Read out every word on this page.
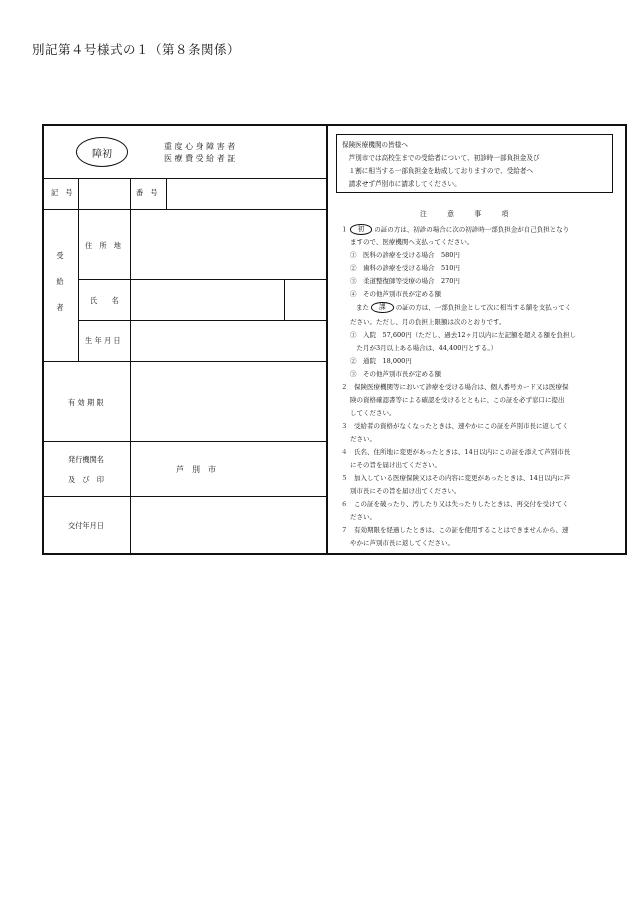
別記第４号様式の１（第８条関係）
障初
重 度 心 身 障 害 者
医 療 費 受 給 者 証
記　号	番　号
受
給
者
住　所　地
氏　　名
生 年 月 日
有 効 期 限
発行機関名
及　び　印
芦　別　市
交付年月日
保険医療機関の皆様へ
　芦別市では高校生までの受給者について、初診時一部負担金及び
　１割に相当する一部負担金を助成しておりますので、受給者へ
　請求せず芦別市に請求してください。
注　　　意　　　事　　　項
１ 初 の証の方は、初診の場合に次の初診時一部負担金が自己負担となり
ますので、医療機関へ支払ってください。
①　医科の診療を受ける場合　580円
②　歯科の診療を受ける場合　510円
③　柔道整復師等受療の場合　270円
④　その他芦別市長が定める額
また 課 の証の方は、一部負担金として次に相当する額を支払ってく
ださい。ただし、月の負担上限額は次のとおりです。
①　入院　57,600円（ただし、過去12ヶ月以内に左記額を超える額を負担し
　た月が3月以上ある場合は、44,400円とする。）
②　通院　18,000円
③　その他芦別市長が定める額
２　保険医療機関等において診療を受ける場合は、個人番号カード又は医療保
険の資格確認書等による確認を受けるとともに、この証を必ず窓口に提出
してください。
３　受給者の資格がなくなったときは、速やかにこの証を芦別市長に返してく
ださい。
４　氏名、住所地に変更があったときは、14日以内にこの証を添えて芦別市長
にその旨を届け出てください。
５　加入している医療保険又はその内容に変更があったときは、14日以内に芦
別市長にその旨を届け出てください。
６　この証を破ったり、汚したり又は失ったりしたときは、再交付を受けてく
ださい。
７　有効期限を経過したときは、この証を使用することはできませんから、速
やかに芦別市長に返してください。
